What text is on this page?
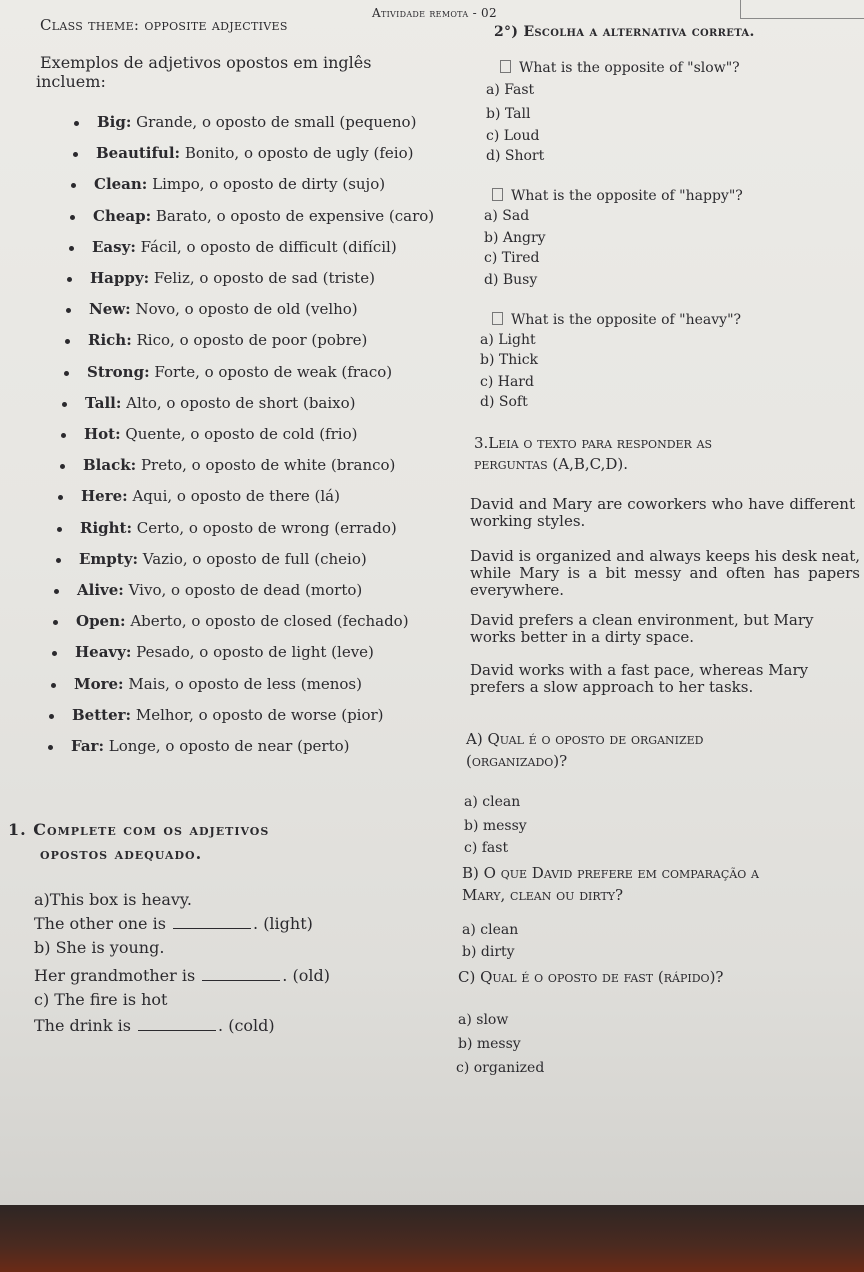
Atividade remota - 02
Class theme: opposite adjectives
Exemplos de adjetivos opostos em inglês
incluem:
Big: Grande, o oposto de small (pequeno)
Beautiful: Bonito, o oposto de ugly (feio)
Clean: Limpo, o oposto de dirty (sujo)
Cheap: Barato, o oposto de expensive (caro)
Easy: Fácil, o oposto de difficult (difícil)
Happy: Feliz, o oposto de sad (triste)
New: Novo, o oposto de old (velho)
Rich: Rico, o oposto de poor (pobre)
Strong: Forte, o oposto de weak (fraco)
Tall: Alto, o oposto de short (baixo)
Hot: Quente, o oposto de cold (frio)
Black: Preto, o oposto de white (branco)
Here: Aqui, o oposto de there (lá)
Right: Certo, o oposto de wrong (errado)
Empty: Vazio, o oposto de full (cheio)
Alive: Vivo, o oposto de dead (morto)
Open: Aberto, o oposto de closed (fechado)
Heavy: Pesado, o oposto de light (leve)
More: Mais, o oposto de less (menos)
Better: Melhor, o oposto de worse (pior)
Far: Longe, o oposto de near (perto)
1. Complete com os adjetivos
opostos adequado.
a)This box is heavy.
The other one is	. (light)
b) She is young.
Her grandmother is	. (old)
c) The fire is hot
The drink is	. (cold)
2°) Escolha a alternativa correta.
What is the opposite of "slow"?
a) Fast
b) Tall
c) Loud
d) Short
What is the opposite of "happy"?
a) Sad
b) Angry
c) Tired
d) Busy
What is the opposite of "heavy"?
a) Light
b) Thick
c) Hard
d) Soft
3.Leia o texto para responder as
perguntas (A,B,C,D).
David and Mary are coworkers who have different working styles.
David is organized and always keeps his desk neat, while Mary is a bit messy and often has papers everywhere.
David prefers a clean environment, but Mary works better in a dirty space.
David works with a fast pace, whereas Mary prefers a slow approach to her tasks.
A) Qual é o oposto de organized
(organizado)?
a) clean
b) messy
c) fast
B) O que David prefere em comparação a
Mary, clean ou dirty?
a) clean
b) dirty
C) Qual é o oposto de fast (rápido)?
a) slow
b) messy
c) organized
